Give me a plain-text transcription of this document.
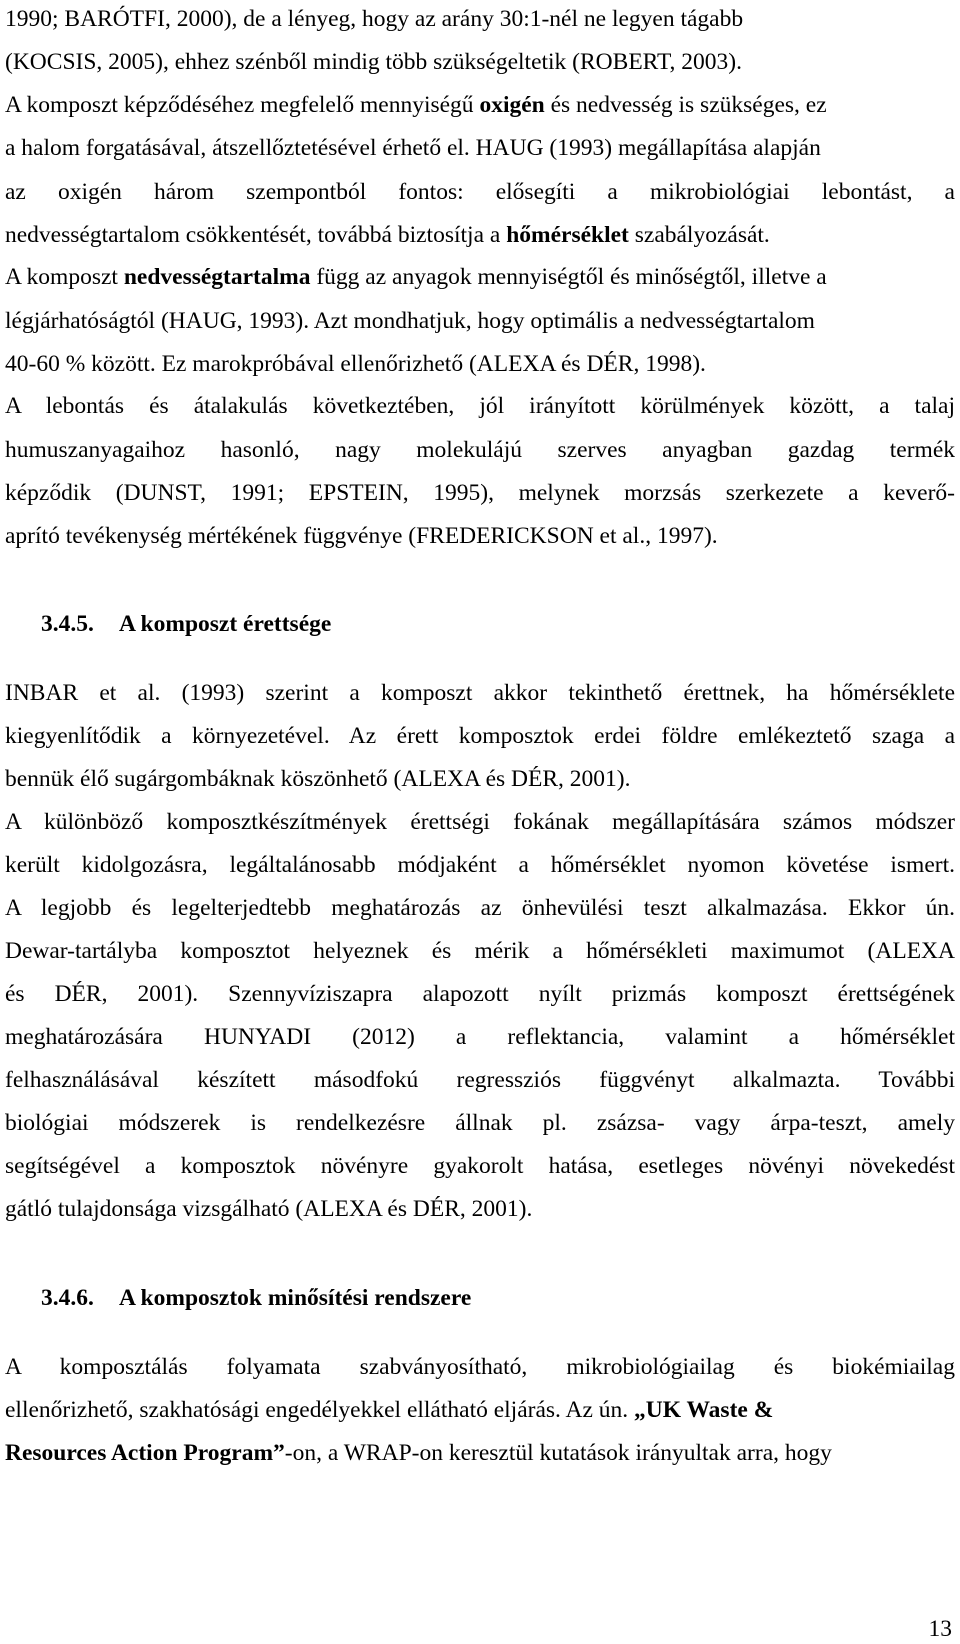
1990; BARÓTFI, 2000), de a lényeg, hogy az arány 30:1-nél ne legyen tágabb
(KOCSIS, 2005), ehhez szénből mindig több szükségeltetik (ROBERT, 2003).
A komposzt képződéséhez megfelelő mennyiségű oxigén és nedvesség is szükséges, ez
a halom forgatásával, átszellőztetésével érhető el. HAUG (1993) megállapítása alapján
az oxigén három szempontból fontos: elősegíti a mikrobiológiai lebontást, a
nedvességtartalom csökkentését, továbbá biztosítja a hőmérséklet szabályozását.
A komposzt nedvességtartalma függ az anyagok mennyiségtől és minőségtől, illetve a
légjárhatóságtól (HAUG, 1993). Azt mondhatjuk, hogy optimális a nedvességtartalom
40-60 % között. Ez marokpróbával ellenőrizhető (ALEXA és DÉR, 1998).
A lebontás és átalakulás következtében, jól irányított körülmények között, a talaj
humuszanyagaihoz hasonló, nagy molekulájú szerves anyagban gazdag termék
képződik (DUNST, 1991; EPSTEIN, 1995), melynek morzsás szerkezete a keverő-
aprító tevékenység mértékének függvénye (FREDERICKSON et al., 1997).
3.4.5. A komposzt érettsége
INBAR et al. (1993) szerint a komposzt akkor tekinthető érettnek, ha hőmérséklete
kiegyenlítődik a környezetével. Az érett komposztok erdei földre emlékeztető szaga a
bennük élő sugárgombáknak köszönhető (ALEXA és DÉR, 2001).
A különböző komposztkészítmények érettségi fokának megállapítására számos módszer
került kidolgozásra, legáltalánosabb módjaként a hőmérséklet nyomon követése ismert.
A legjobb és legelterjedtebb meghatározás az önhevülési teszt alkalmazása. Ekkor ún.
Dewar-tartályba komposztot helyeznek és mérik a hőmérsékleti maximumot (ALEXA
és DÉR, 2001). Szennyvíziszapra alapozott nyílt prizmás komposzt érettségének
meghatározására HUNYADI (2012) a reflektancia, valamint a hőmérséklet
felhasználásával készített másodfokú regressziós függvényt alkalmazta. További
biológiai módszerek is rendelkezésre állnak pl. zsázsa- vagy árpa-teszt, amely
segítségével a komposztok növényre gyakorolt hatása, esetleges növényi növekedést
gátló tulajdonsága vizsgálható (ALEXA és DÉR, 2001).
3.4.6. A komposztok minősítési rendszere
A komposztálás folyamata szabványosítható, mikrobiológiailag és biokémiailag
ellenőrizhető, szakhatósági engedélyekkel ellátható eljárás. Az ún. „UK Waste &
Resources Action Program”-on, a WRAP-on keresztül kutatások irányultak arra, hogy
13
